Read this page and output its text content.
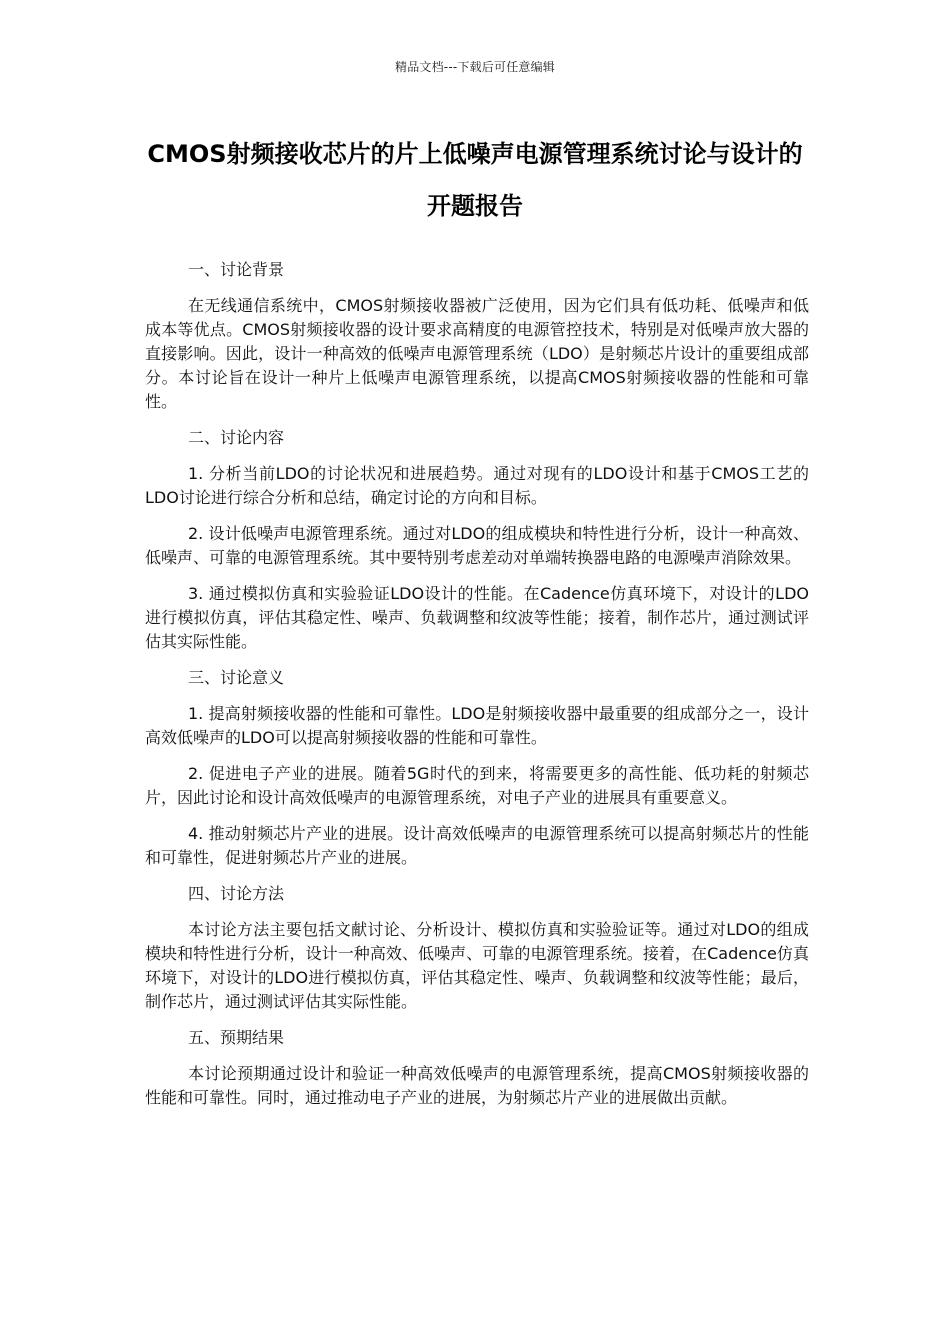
精品文档---下载后可任意编辑
CMOS射频接收芯片的片上低噪声电源管理系统讨论与设计的开题报告

一、讨论背景

在无线通信系统中，CMOS射频接收器被广泛使用，因为它们具有低功耗、低噪声和低成本等优点。CMOS射频接收器的设计要求高精度的电源管控技术，特别是对低噪声放大器的直接影响。因此，设计一种高效的低噪声电源管理系统（LDO）是射频芯片设计的重要组成部分。本讨论旨在设计一种片上低噪声电源管理系统，以提高CMOS射频接收器的性能和可靠性。

二、讨论内容

1. 分析当前LDO的讨论状况和进展趋势。通过对现有的LDO设计和基于CMOS工艺的LDO讨论进行综合分析和总结，确定讨论的方向和目标。

2. 设计低噪声电源管理系统。通过对LDO的组成模块和特性进行分析，设计一种高效、低噪声、可靠的电源管理系统。其中要特别考虑差动对单端转换器电路的电源噪声消除效果。

3. 通过模拟仿真和实验验证LDO设计的性能。在Cadence仿真环境下，对设计的LDO进行模拟仿真，评估其稳定性、噪声、负载调整和纹波等性能；接着，制作芯片，通过测试评估其实际性能。

三、讨论意义

1. 提高射频接收器的性能和可靠性。LDO是射频接收器中最重要的组成部分之一，设计高效低噪声的LDO可以提高射频接收器的性能和可靠性。

2. 促进电子产业的进展。随着5G时代的到来，将需要更多的高性能、低功耗的射频芯片，因此讨论和设计高效低噪声的电源管理系统，对电子产业的进展具有重要意义。

4. 推动射频芯片产业的进展。设计高效低噪声的电源管理系统可以提高射频芯片的性能和可靠性，促进射频芯片产业的进展。

四、讨论方法

本讨论方法主要包括文献讨论、分析设计、模拟仿真和实验验证等。通过对LDO的组成模块和特性进行分析，设计一种高效、低噪声、可靠的电源管理系统。接着，在Cadence仿真环境下，对设计的LDO进行模拟仿真，评估其稳定性、噪声、负载调整和纹波等性能；最后，制作芯片，通过测试评估其实际性能。

五、预期结果

本讨论预期通过设计和验证一种高效低噪声的电源管理系统，提高CMOS射频接收器的性能和可靠性。同时，通过推动电子产业的进展，为射频芯片产业的进展做出贡献。
